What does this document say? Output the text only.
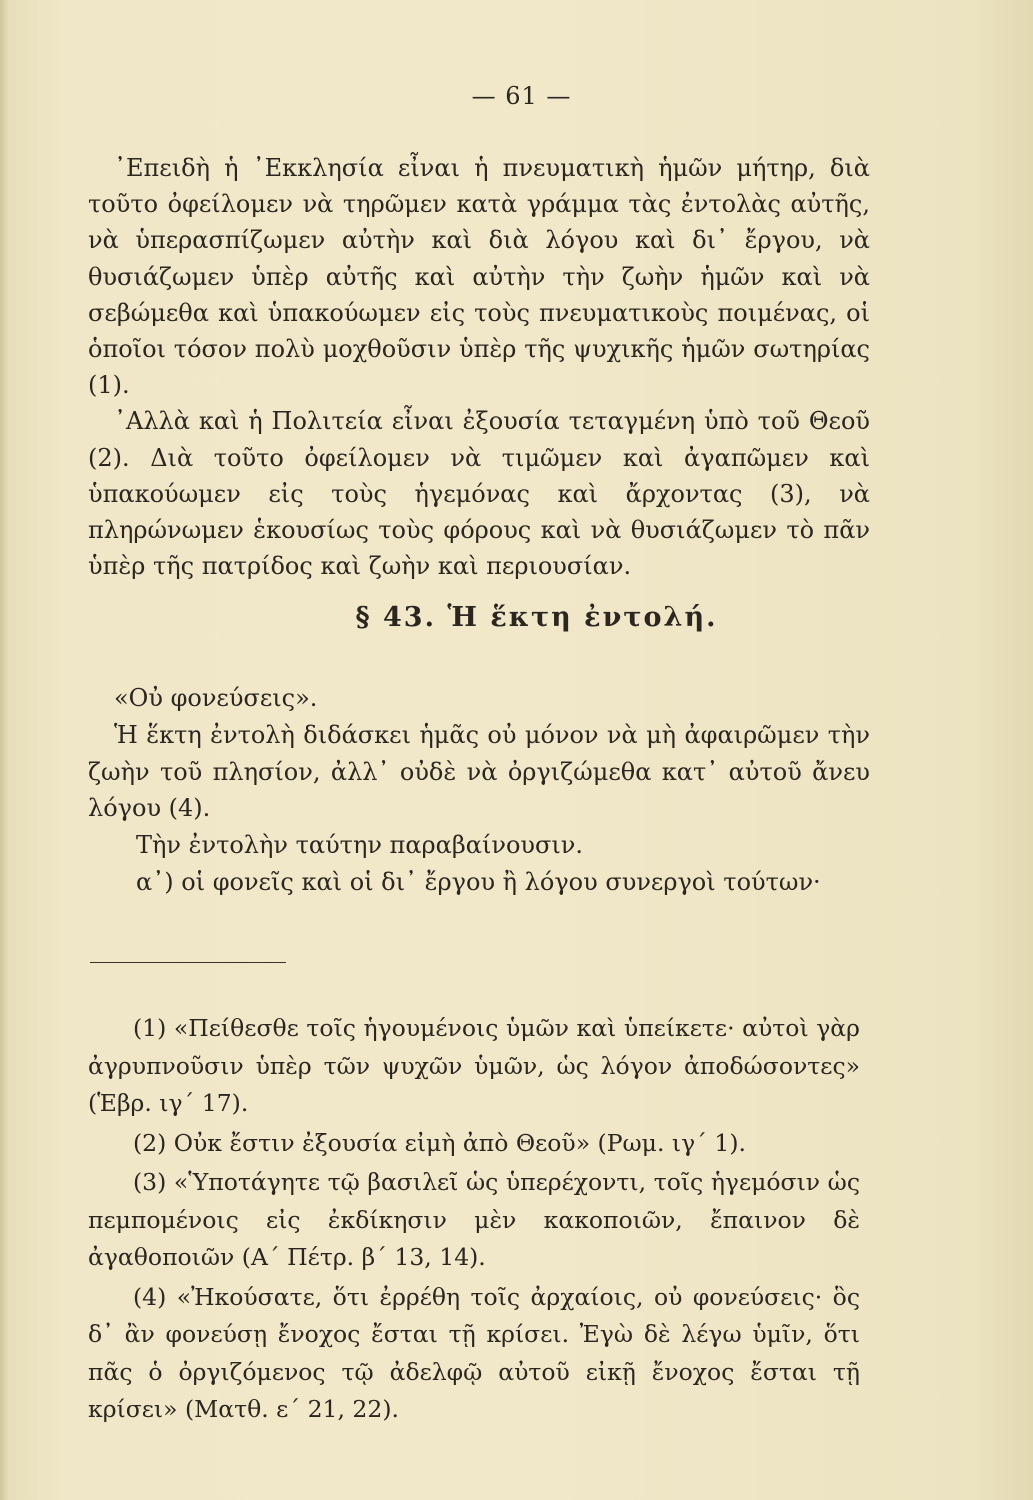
— 61 —

᾿Επειδὴ ἡ ᾿Εκκλησία εἶναι ἡ πνευματικὴ ἡμῶν μήτηρ, διὰ τοῦτο ὀφείλομεν νὰ τηρῶμεν κατὰ γράμμα τὰς ἐντολὰς αὐτῆς, νὰ ὑπερασπίζωμεν αὐτὴν καὶ διὰ λόγου καὶ δι᾿ ἔργου, νὰ θυσιάζωμεν ὑπὲρ αὐτῆς καὶ αὐτὴν τὴν ζωὴν ἡμῶν καὶ νὰ σεβώμεθα καὶ ὑπακούωμεν εἰς τοὺς πνευματικοὺς ποιμένας, οἱ ὁποῖοι τόσον πολὺ μοχθοῦσιν ὑπὲρ τῆς ψυχικῆς ἡμῶν σωτηρίας (1).

᾿Αλλὰ καὶ ἡ Πολιτεία εἶναι ἐξουσία τεταγμένη ὑπὸ τοῦ Θεοῦ (2). Διὰ τοῦτο ὀφείλομεν νὰ τιμῶμεν καὶ ἀγαπῶμεν καὶ ὑπακούωμεν εἰς τοὺς ἡγεμόνας καὶ ἄρχοντας (3), νὰ πληρώνωμεν ἑκουσίως τοὺς φόρους καὶ νὰ θυσιάζωμεν τὸ πᾶν ὑπὲρ τῆς πατρίδος καὶ ζωὴν καὶ περιουσίαν.

§ 43. Ἡ ἕκτη ἐντολή.

«Οὐ φονεύσεις».

Ἡ ἕκτη ἐντολὴ διδάσκει ἡμᾶς οὐ μόνον νὰ μὴ ἀφαιρῶμεν τὴν ζωὴν τοῦ πλησίον, ἀλλ᾿ οὐδὲ νὰ ὀργιζώμεθα κατ᾿ αὐτοῦ ἄνευ λόγου (4).

Τὴν ἐντολὴν ταύτην παραβαίνουσιν.

α᾿) οἱ φονεῖς καὶ οἱ δι᾿ ἔργου ἢ λόγου συνεργοὶ τούτων·

(1) «Πείθεσθε τοῖς ἡγουμένοις ὑμῶν καὶ ὑπείκετε· αὐτοὶ γὰρ ἀγρυπνοῦσιν ὑπὲρ τῶν ψυχῶν ὑμῶν, ὡς λόγον ἀποδώσοντες» (Ἑβρ. ιγ΄ 17).

(2) Οὐκ ἔστιν ἐξουσία εἰμὴ ἀπὸ Θεοῦ» (Ρωμ. ιγ΄ 1).

(3) «Ὑποτάγητε τῷ βασιλεῖ ὡς ὑπερέχοντι, τοῖς ἡγεμόσιν ὡς πεμπομένοις εἰς ἐκδίκησιν μὲν κακοποιῶν, ἔπαινον δὲ ἀγαθοποιῶν (Α΄ Πέτρ. β΄ 13, 14).

(4) «Ἠκούσατε, ὅτι ἐρρέθη τοῖς ἀρχαίοις, οὐ φονεύσεις· ὃς δ᾿ ἂν φονεύσῃ ἔνοχος ἔσται τῇ κρίσει. Ἐγὼ δὲ λέγω ὑμῖν, ὅτι πᾶς ὁ ὀργιζόμενος τῷ ἀδελφῷ αὐτοῦ εἰκῇ ἔνοχος ἔσται τῇ κρίσει» (Ματθ. ε΄ 21, 22).
